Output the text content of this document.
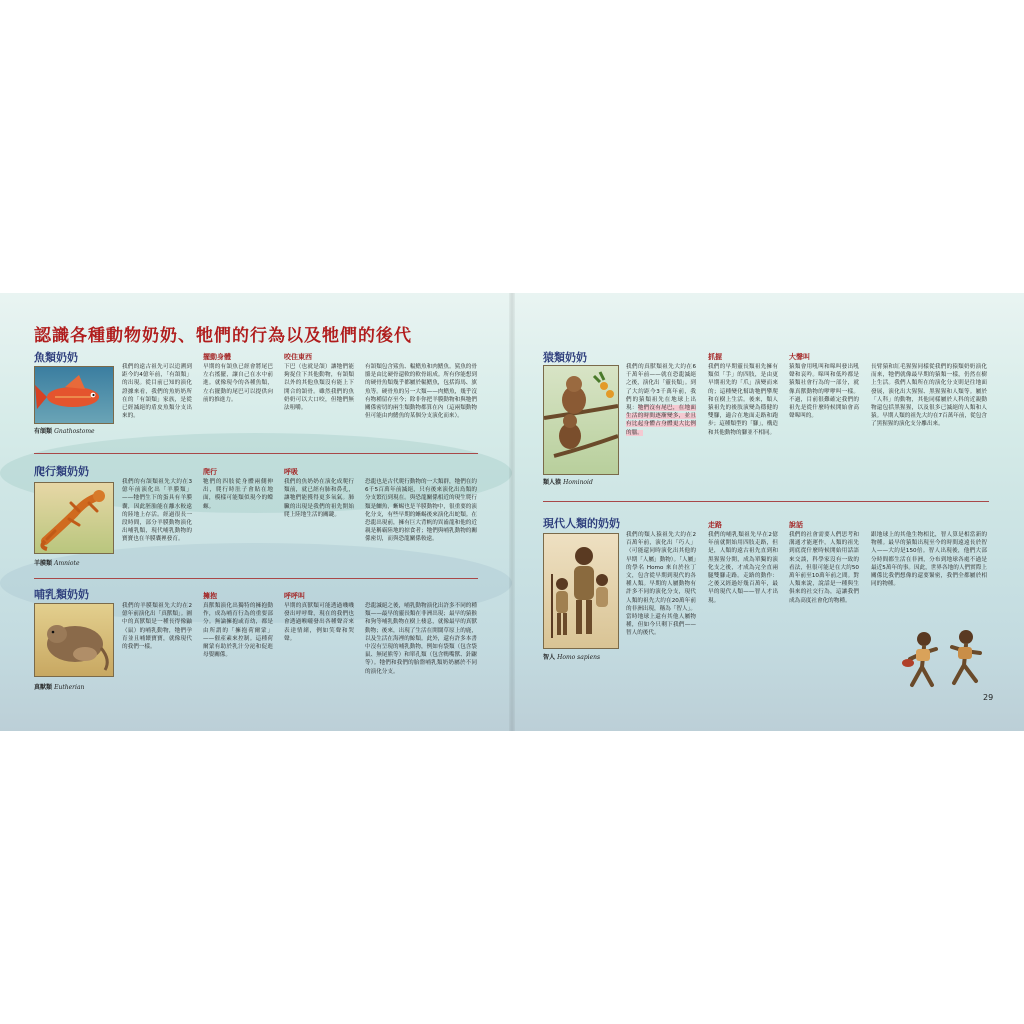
認識各種動物奶奶、牠們的行為以及牠們的後代
魚類奶奶
有頜類 Gnathostome
我們的遠古祖先可以追溯到距今約4億年前，「有頜類」的出現。從目前已知的演化證據來看，我們的魚奶奶所在的「有頜類」家族，是從已經滅絕的盾皮魚類分支出來的。
擺動身體
早期的有頜魚已經會將尾巴左右搖擺，讓自己在水中前進。就像現今的各種魚類，左右擺動的尾巴可以提供向前的推進力。
咬住東西
下巴（也就是頜）讓牠們能夠捉住下其他動物，有頜類以外的其他魚類沒有能上下開合的頜骨。雖然我們的魚奶奶可以大口咬，但牠們無法咀嚼。
有頜類包含鯊魚、輻鰭魚和肉鰭魚。鯊魚的骨骼是由比硬骨還軟的軟骨組成。所有你能想到的硬骨魚類幾乎都屬於輻鰭魚，包括海馬、旗魚等。硬骨魚的另一大類——肉鰭魚，幾乎沒有物種留存至今；除非你把羊膜動物和與牠們關係密切的兩生類動物都算在內（這兩類動物但可能由肉鰭魚的某個分支演化而來）。
爬行類奶奶
羊膜類 Amniote
我們的有頜類祖先大約在3億年前演化出「羊膜類」——牠們生下的蛋具有羊膜囊，因此胚胎能在離水較遠的陸地上存活。經過很長一段時間，部分羊膜動物演化出哺乳類，現代哺乳動物的寶寶也在羊膜囊裡發育。
爬行
牠們的四肢從身體兩側伸出，爬行時肚子會貼在地面，模樣可能類似現今的蠑螈。
呼吸
我們的魚奶奶在演化成爬行類前，就已經有肺和鼻孔，讓牠們能獲得更多氧氣。肺臟的出現是我們的祖先開始爬上陸地生活的關鍵。
恐龍也是古代爬行動物的一大類群，牠們在約6千5百萬年前滅絕，只有後來演化出鳥類的分支繁衍到現在。與恐龍關係相近的現生爬行類是鱷魚，蜥蜴也是羊膜動物中，很重要的演化分支，有些早期的蜥蜴後來演化出蛇類。在恐龍出現前，擁有巨大背帆的異齒龍和他的近親是稱霸陸地的掠食者；牠們與哺乳動物的關係密切，而與恐龍關係較遠。
哺乳類奶奶
真獸類 Eutherian
我們的羊膜類祖先大約在2億年前演化出「真獸類」。圖中的真獸類是一種長得像鼬（鼠）的哺乳動物，牠們孕育並且哺餵寶寶，就像現代的我們一樣。
擁抱
真獸類演化出獨特的擁抱動作，成為哺育行為的重要部分。無論擁抱或育幼，都是由所謂的「擁抱荷爾蒙」——催產素來控制。這種荷爾蒙有助於乳汁分泌和促進母嬰關係。
呼呼叫
早期的真獸類可能透過嘰嘰發出呼呼聲，現在的我們也會透過喉嚨發出各種聲音來表達情緒，例如笑聲和哭聲。
恐龍滅絕之後，哺乳動物演化出許多不同的種類——最早的靈長類在非洲出現；最早的猿猴和狗等哺乳動物在樹上棲息，就像最早的真獸動物；後來，出現了生活在開闊草原上的鹿，以及生活在海裡的鯨類。此外，還有許多本書中沒有呈現的哺乳動物，例如有袋類（包含袋鼠、無尾熊等）和單孔類（包含鴨嘴獸、針鼴等）。牠們和我們的胎盤哺乳類奶奶屬於不同的演化分支。
猿類奶奶
類人猿 Hominoid
我們的真獸類祖先大約在6千萬年前——就在恐龍滅絕之後，演化出「靈長類」。到了大約距今3千萬年前，我們的猿類祖先在地球上出現：牠們沒有尾巴，在地面生活的時間逐漸變多，並且有比起身體占身體更大比例的腦。
抓握
我們的早期靈長類祖先擁有類似「手」的四肢，是由更早期祖先的「爪」演變而來的；這種變化幫助牠們攀爬和在樹上生活。後來，類人猿祖先的後肢演變為穩健的雙腳，適合在地面走路和跑步；這種類型的「腳」，構造和其他動物的腳並不相同。
大聲叫
猿類會用吼叫和嗥叫發出吼聲和哀吟。嗥叫和低吟都是猿類社會行為的一部分，就像真獸動物的咿咿叫一樣。不過，目前很難確定我們的祖先是從什麼時候開始會高聲嗥叫的。
長臂猿和紅毛猩猩同樣從我們的猿類奶奶演化而來，牠們就像最早期的猿類一樣，仍然在樹上生活。我們人類所在的演化分支則是往地面發展，演化出大猩猩、黑猩猩和人類等。屬於「人科」的動物，其他同樣屬於人科的近親動物還包括黑猩猩，以及很多已滅絕的人類和人猿。早期人類的祖先大約在7百萬年前，從包含了黑猩猩的演化支分離出來。
現代人類的奶奶
智人 Homo sapiens
我們的類人猿祖先大約在2百萬年前，演化出「巧人」（可能還同時演化出其他的早期「人屬」動物）。「人屬」的學名 Homo 來自於拉丁文，包含從早期到現代的各種人類。早期的人屬動物有許多不同的演化分支，現代人類的祖先大約在20萬年前的非洲出現，稱為「智人」。當時地球上還有其他人屬物種，但如今只剩下我們——智人的後代。
走路
我們的哺乳類祖先早在2億年前就開始用四肢走路，但是，人類的遠古祖先直到和黑猩猩分開，成為單獨的演化支之後，才成為完全直兩腿雙腳走路。走路的動作：之後又經過好幾百萬年，最早的現代人類——智人才出現。
說話
我們的社會需要人們思考和溝通才能運作，人類的祖先到底從什麼時候開始用話語來交談，科學家沒有一致的看法，但很可能是在大約50萬年前至10萬年前之間。對人類來說，說話是一種與生俱來的社交行為，這讓我們成為高度社會化的物種。
跟地球上的其他生物相比，智人算是相當新的物種。最早的猿類出現至今的時間遠遠長於智人——大約是150倍。智人出現後，他們大部分時間都生活在非洲，分布到地球各處不過是最近5萬年的事。因此，世界各地的人們實際上關係比我們想像的還要緊密，我們全都屬於相同的物種。
29
